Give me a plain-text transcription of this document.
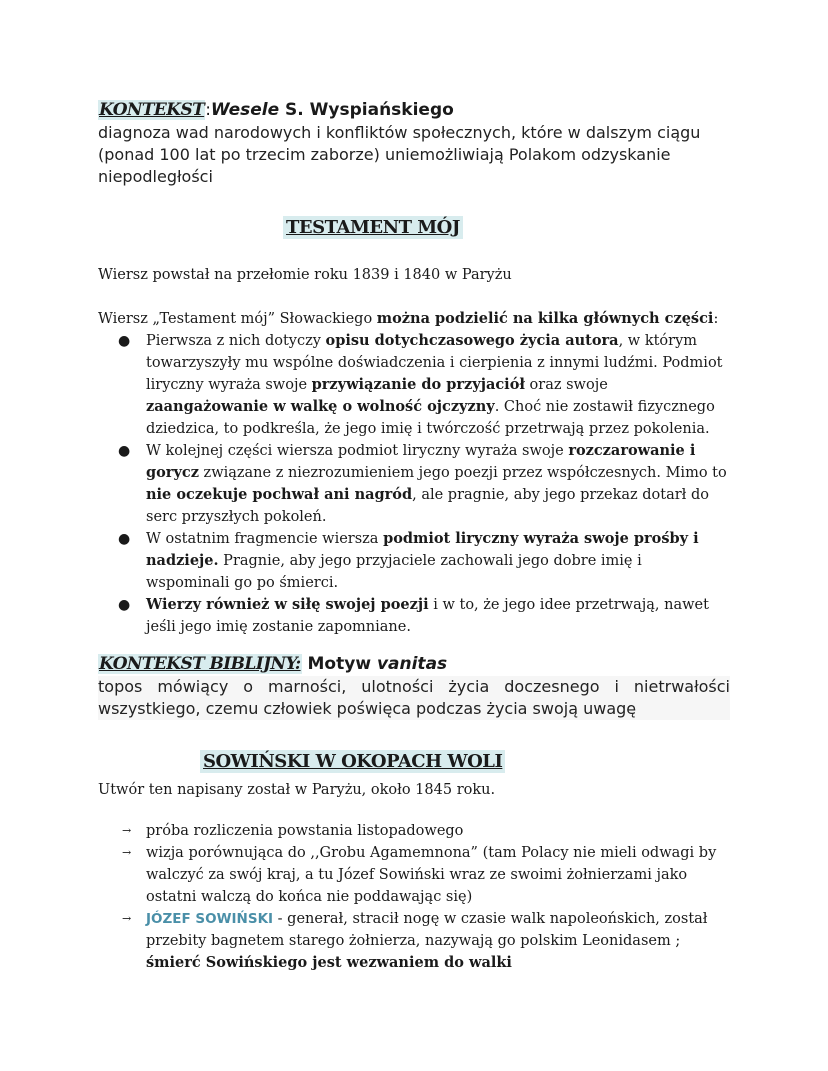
KONTEKST:Wesele S. Wyspiańskiego
diagnoza wad narodowych i konfliktów społecznych, które w dalszym ciągu (ponad 100 lat po trzecim zaborze) uniemożliwiają Polakom odzyskanie niepodległości
TESTAMENT MÓJ
Wiersz powstał na przełomie roku 1839 i 1840 w Paryżu
Wiersz „Testament mój” Słowackiego można podzielić na kilka głównych części:
● Pierwsza z nich dotyczy opisu dotychczasowego życia autora, w którym towarzyszyły mu wspólne doświadczenia i cierpienia z innymi ludźmi. Podmiot liryczny wyraża swoje przywiązanie do przyjaciół oraz swoje zaangażowanie w walkę o wolność ojczyzny. Choć nie zostawił fizycznego dziedzica, to podkreśla, że jego imię i twórczość przetrwają przez pokolenia.
● W kolejnej części wiersza podmiot liryczny wyraża swoje rozczarowanie i gorycz związane z niezrozumieniem jego poezji przez współczesnych. Mimo to nie oczekuje pochwał ani nagród, ale pragnie, aby jego przekaz dotarł do serc przyszłych pokoleń.
● W ostatnim fragmencie wiersza podmiot liryczny wyraża swoje prośby i nadzieje. Pragnie, aby jego przyjaciele zachowali jego dobre imię i wspominali go po śmierci.
● Wierzy również w siłę swojej poezji i w to, że jego idee przetrwają, nawet jeśli jego imię zostanie zapomniane.
KONTEKST BIBLIJNY: Motyw vanitas
topos mówiący o marności, ulotności życia doczesnego i nietrwałości wszystkiego, czemu człowiek poświęca podczas życia swoją uwagę
SOWIŃSKI W OKOPACH WOLI
Utwór ten napisany został w Paryżu, około 1845 roku.
→ próba rozliczenia powstania listopadowego
→ wizja porównująca do ,,Grobu Agamemnona” (tam Polacy nie mieli odwagi by walczyć za swój kraj, a tu Józef Sowiński wraz ze swoimi żołnierzami jako ostatni walczą do końca nie poddawając się)
→ JÓZEF SOWIŃSKI - generał, stracił nogę w czasie walk napoleońskich, został przebity bagnetem starego żołnierza, nazywają go polskim Leonidasem ; śmierć Sowińskiego jest wezwaniem do walki
